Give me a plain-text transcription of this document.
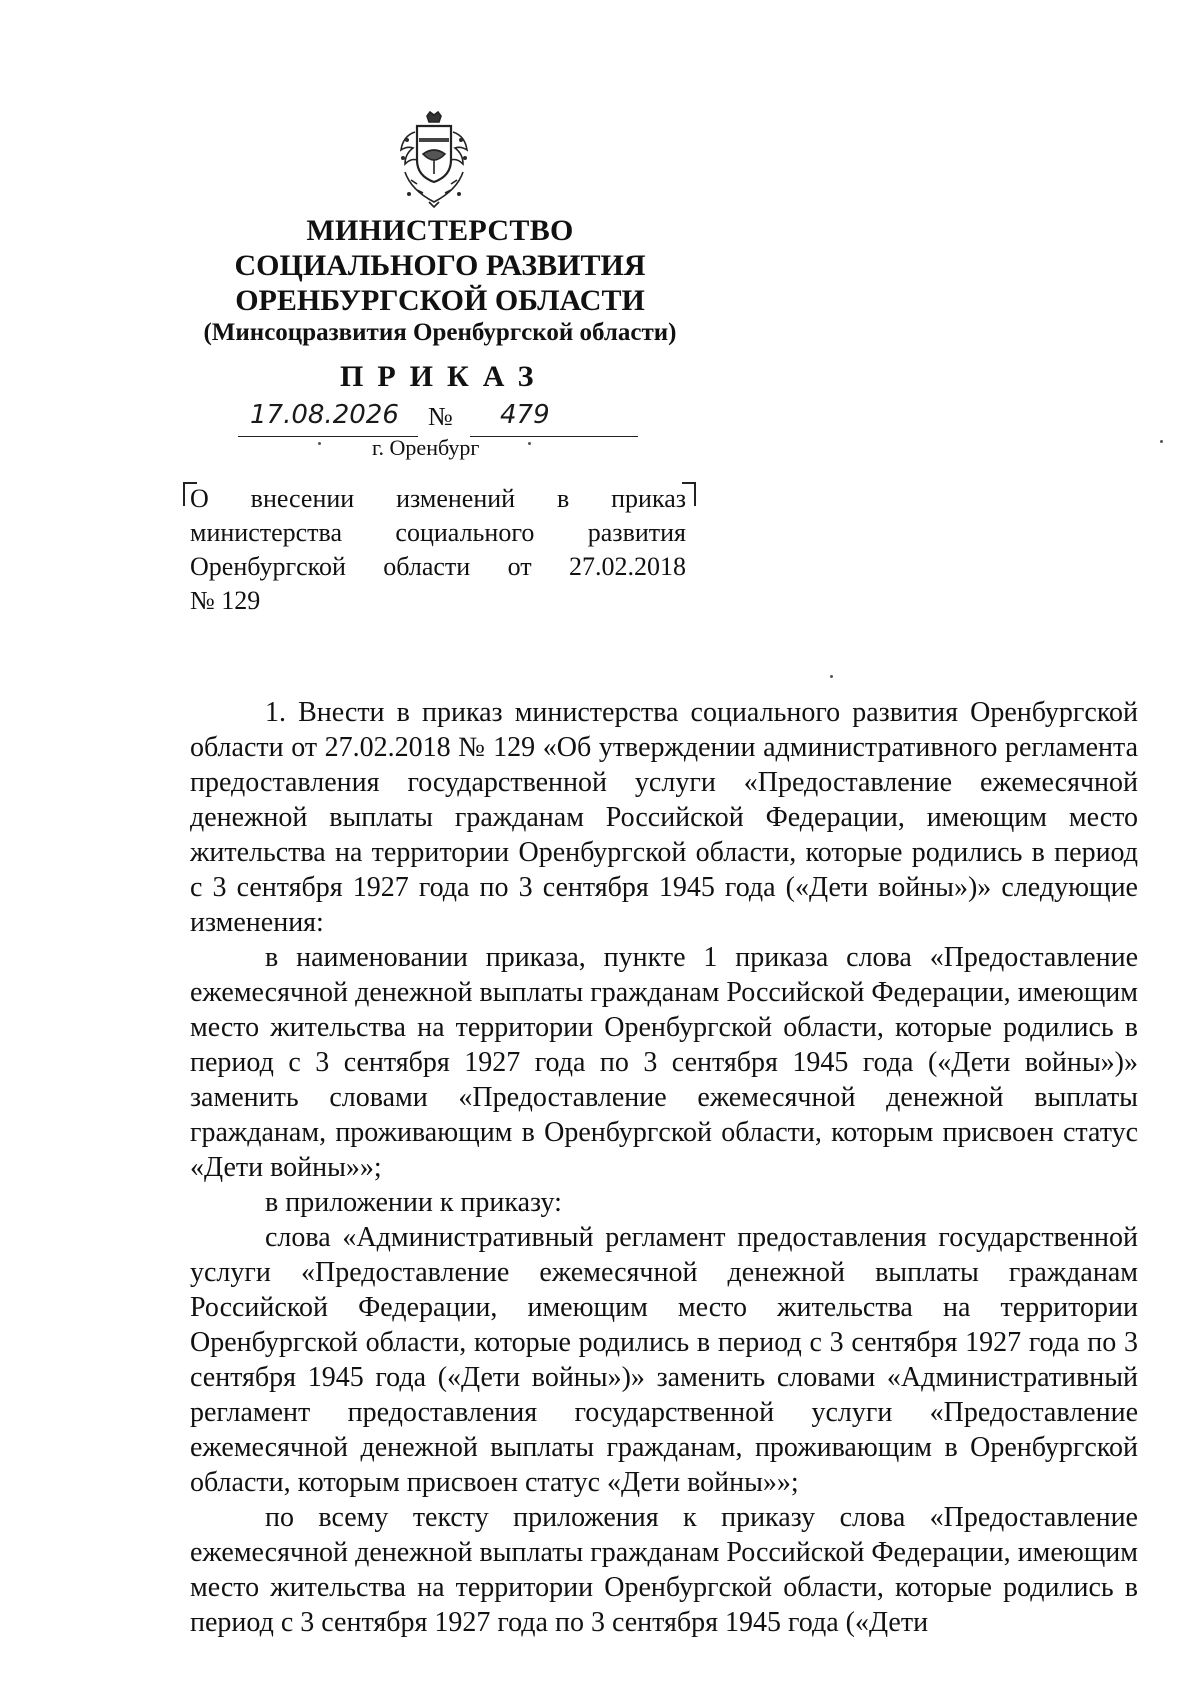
МИНИСТЕРСТВО
СОЦИАЛЬНОГО РАЗВИТИЯ
ОРЕНБУРГСКОЙ ОБЛАСТИ
(Минсоцразвития Оренбургской области)
ПРИКАЗ
17.08.2026 № 479
г. Оренбург
О внесении изменений в приказ
министерства социального развития
Оренбургской области от 27.02.2018
№ 129

1. Внести в приказ министерства социального развития Оренбургской области от 27.02.2018 № 129 «Об утверждении административного регламента предоставления государственной услуги «Предоставление ежемесячной денежной выплаты гражданам Российской Федерации, имеющим место жительства на территории Оренбургской области, которые родились в период с 3 сентября 1927 года по 3 сентября 1945 года («Дети войны»)» следующие изменения:

в наименовании приказа, пункте 1 приказа слова «Предоставление ежемесячной денежной выплаты гражданам Российской Федерации, имеющим место жительства на территории Оренбургской области, которые родились в период с 3 сентября 1927 года по 3 сентября 1945 года («Дети войны»)» заменить словами «Предоставление ежемесячной денежной выплаты гражданам, проживающим в Оренбургской области, которым присвоен статус «Дети войны»»;

в приложении к приказу:

слова «Административный регламент предоставления государственной услуги «Предоставление ежемесячной денежной выплаты гражданам Российской Федерации, имеющим место жительства на территории Оренбургской области, которые родились в период с 3 сентября 1927 года по 3 сентября 1945 года («Дети войны»)» заменить словами «Административный регламент предоставления государственной услуги «Предоставление ежемесячной денежной выплаты гражданам, проживающим в Оренбургской области, которым присвоен статус «Дети войны»»;

по всему тексту приложения к приказу слова «Предоставление ежемесячной денежной выплаты гражданам Российской Федерации, имеющим место жительства на территории Оренбургской области, которые родились в период с 3 сентября 1927 года по 3 сентября 1945 года («Дети
